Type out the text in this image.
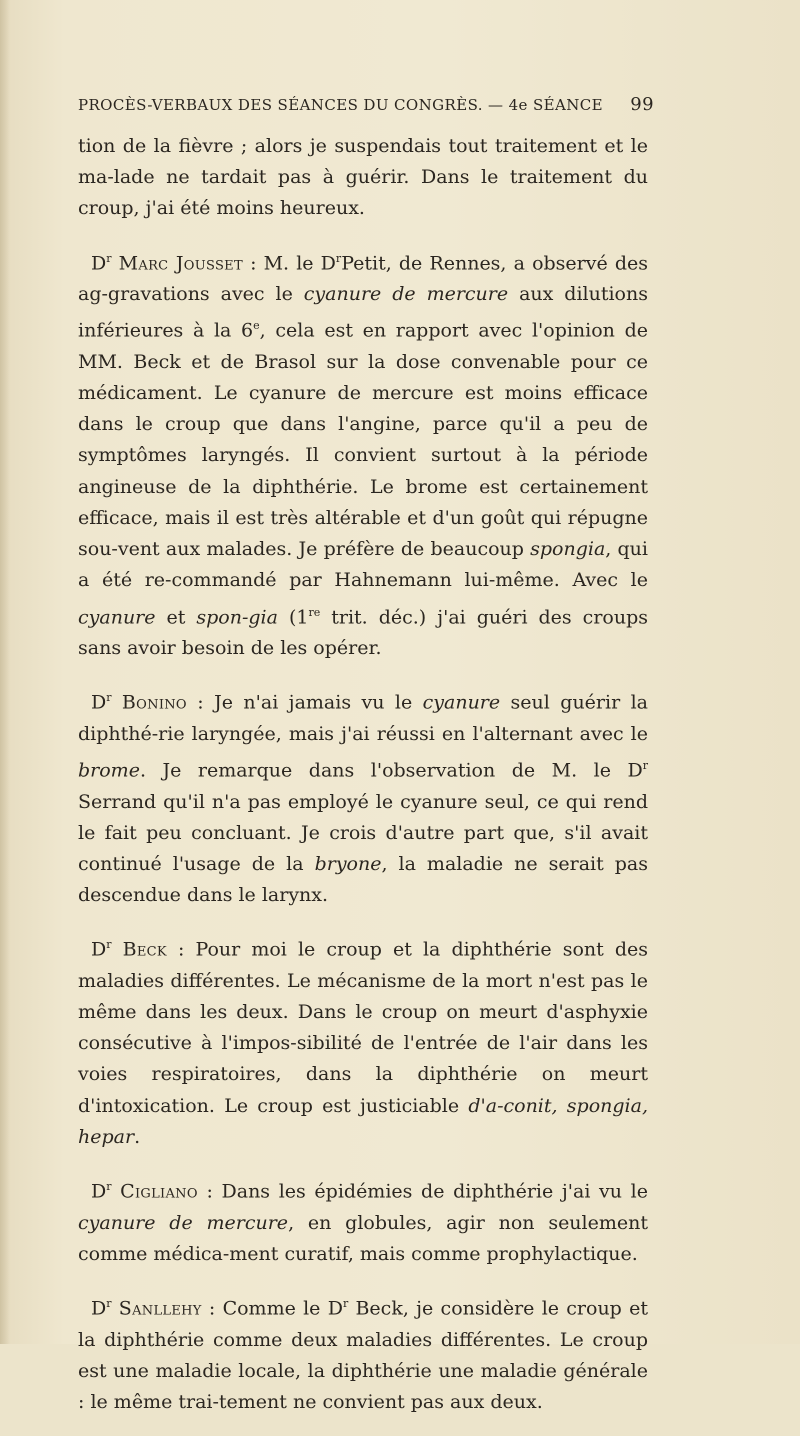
PROCÈS-VERBAUX DES SÉANCES DU CONGRÈS. — 4e SÉANCE 99

tion de la fièvre ; alors je suspendais tout traitement et le ma-lade ne tardait pas à guérir. Dans le traitement du croup, j'ai été moins heureux.

$D^r$ Marc Jousset : M. le $D^rPetit$, de Rennes, a observé des ag-gravations avec le cyanure de mercure aux dilutions inférieures à la 6e, cela est en rapport avec l'opinion de MM. Beck et de Brasol sur la dose convenable pour ce médicament. Le cyanure de mercure est moins efficace dans le croup que dans l'angine, parce qu'il a peu de symptômes laryngés. Il convient surtout à la période angineuse de la diphthérie. Le brome est certainement efficace, mais il est très altérable et d'un goût qui répugne sou-vent aux malades. Je préfère de beaucoup spongia, qui a été re-commandé par Hahnemann lui-même. Avec le cyanure et spon-gia (1re trit. déc.) j'ai guéri des croups sans avoir besoin de les opérer.

$D^r$ Bonino : Je n'ai jamais vu le cyanure seul guérir la diphthé-rie laryngée, mais j'ai réussi en l'alternant avec le brome. Je remarque dans l'observation de M. le $D^r$ Serrand qu'il n'a pas employé le cyanure seul, ce qui rend le fait peu concluant. Je crois d'autre part que, s'il avait continué l'usage de la bryone, la maladie ne serait pas descendue dans le larynx.

$D^r$ Beck : Pour moi le croup et la diphthérie sont des maladies différentes. Le mécanisme de la mort n'est pas le même dans les deux. Dans le croup on meurt d'asphyxie consécutive à l'impos-sibilité de l'entrée de l'air dans les voies respiratoires, dans la diphthérie on meurt d'intoxication. Le croup est justiciable d'a-conit, spongia, hepar.

$D^r$ Cigliano : Dans les épidémies de diphthérie j'ai vu le cyanure de mercure, en globules, agir non seulement comme médica-ment curatif, mais comme prophylactique.

$D^r$ Sanllehy : Comme le $D^r$ Beck, je considère le croup et la diphthérie comme deux maladies différentes. Le croup est une maladie locale, la diphthérie une maladie générale : le même trai-tement ne convient pas aux deux.
